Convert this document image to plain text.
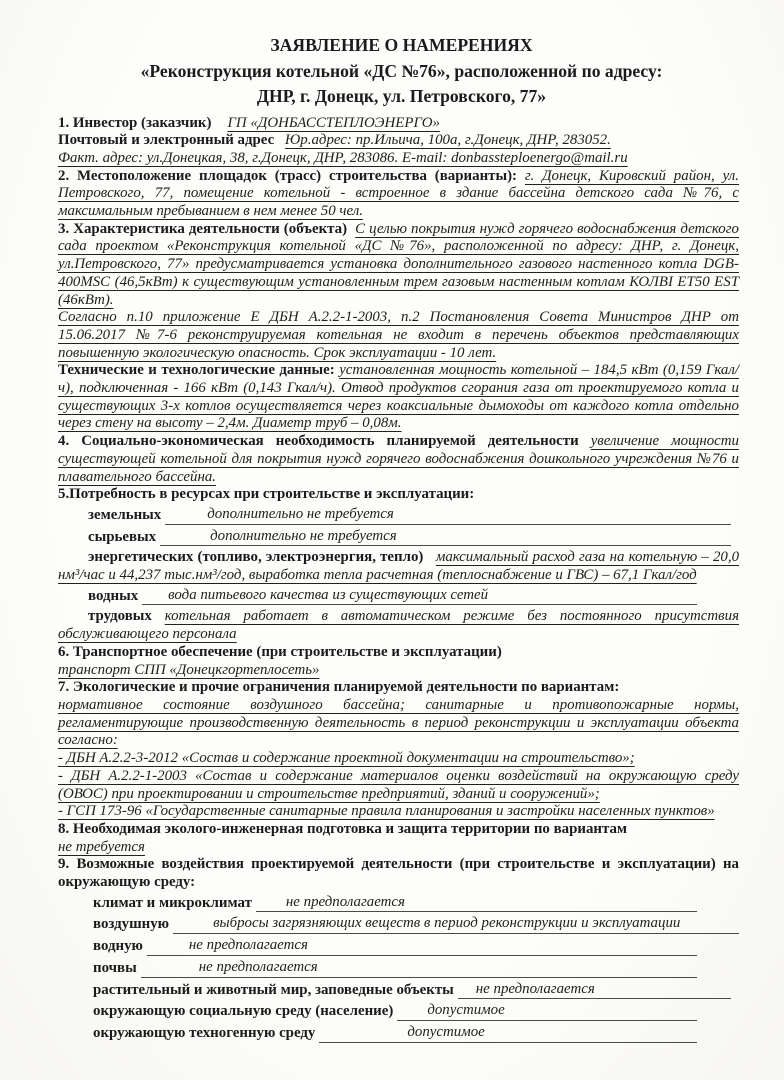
ЗАЯВЛЕНИЕ О НАМЕРЕНИЯХ
«Реконструкция котельной «ДС №76», расположенной по адресу:
ДНР, г. Донецк, ул. Петровского, 77»

1. Инвестор (заказчик) ГП «ДОНБАССТЕПЛОЭНЕРГО»

Почтовый и электронный адрес Юр.адрес: пр.Ильича, 100а, г.Донецк, ДНР, 283052.

Факт. адрес: ул.Донецкая, 38, г.Донецк, ДНР, 283086. E-mail: donbassteploenergo@mail.ru

2. Местоположение площадок (трасс) строительства (варианты): г. Донецк, Кировский район, ул. Петровского, 77, помещение котельной - встроенное в здание бассейна детского сада №76, с максимальным пребыванием в нем менее 50 чел.

3. Характеристика деятельности (объекта) С целью покрытия нужд горячего водоснабжения детского сада проектом «Реконструкция котельной «ДС №76», расположенной по адресу: ДНР, г. Донецк, ул.Петровского, 77» предусматривается установка дополнительного газового настенного котла DGB-400MSC (46,5кВт) к существующим установленным трем газовым настенным котлам КОЛВІ ЕТ50 EST (46кВт).

Согласно п.10 приложение Е ДБН А.2.2-1-2003, п.2 Постановления Совета Министров ДНР от 15.06.2017 №7-6 реконструируемая котельная не входит в перечень объектов представляющих повышенную экологическую опасность. Срок эксплуатации - 10 лет.

Технические и технологические данные: установленная мощность котельной – 184,5 кВт (0,159 Гкал/ч), подключенная - 166 кВт (0,143 Гкал/ч). Отвод продуктов сгорания газа от проектируемого котла и существующих 3-х котлов осуществляется через коаксиальные дымоходы от каждого котла отдельно через стену на высоту – 2,4м. Диаметр труб – 0,08м.

4. Социально-экономическая необходимость планируемой деятельности увеличение мощности существующей котельной для покрытия нужд горячего водоснабжения дошкольного учреждения №76 и плавательного бассейна.

5.Потребность в ресурсах при строительстве и эксплуатации:

земельных	дополнительно не требуется
сырьевых	дополнительно не требуется

энергетических (топливо, электроэнергия, тепло) максимальный расход газа на котельную – 20,0 нм³/час и 44,237 тыс.нм³/год, выработка тепла расчетная (теплоснабжение и ГВС) – 67,1 Гкал/год

водных	вода питьевого качества из существующих сетей

трудовых котельная работает в автоматическом режиме без постоянного присутствия обслуживающего персонала

6. Транспортное обеспечение (при строительстве и эксплуатации)

транспорт СПП «Донецкгортеплосеть»

7. Экологические и прочие ограничения планируемой деятельности по вариантам:

нормативное состояние воздушного бассейна; санитарные и противопожарные нормы, регламентирующие производственную деятельность в период реконструкции и эксплуатации объекта согласно:

- ДБН А.2.2-3-2012 «Состав и содержание проектной документации на строительство»;

- ДБН А.2.2-1-2003 «Состав и содержание материалов оценки воздействий на окружающую среду (ОВОС) при проектировании и строительстве предприятий, зданий и сооружений»;

- ГСП 173-96 «Государственные санитарные правила планирования и застройки населенных пунктов»

8. Необходимая эколого-инженерная подготовка и защита территории по вариантам

не требуется

9. Возможные воздействия проектируемой деятельности (при строительстве и эксплуатации) на окружающую среду:

климат и микроклимат	не предполагается
воздушную	выбросы загрязняющих веществ в период реконструкции и эксплуатации
водную	не предполагается
почвы	не предполагается
растительный и животный мир, заповедные объекты	не предполагается
окружающую социальную среду (население)	допустимое
окружающую техногенную среду	допустимое
